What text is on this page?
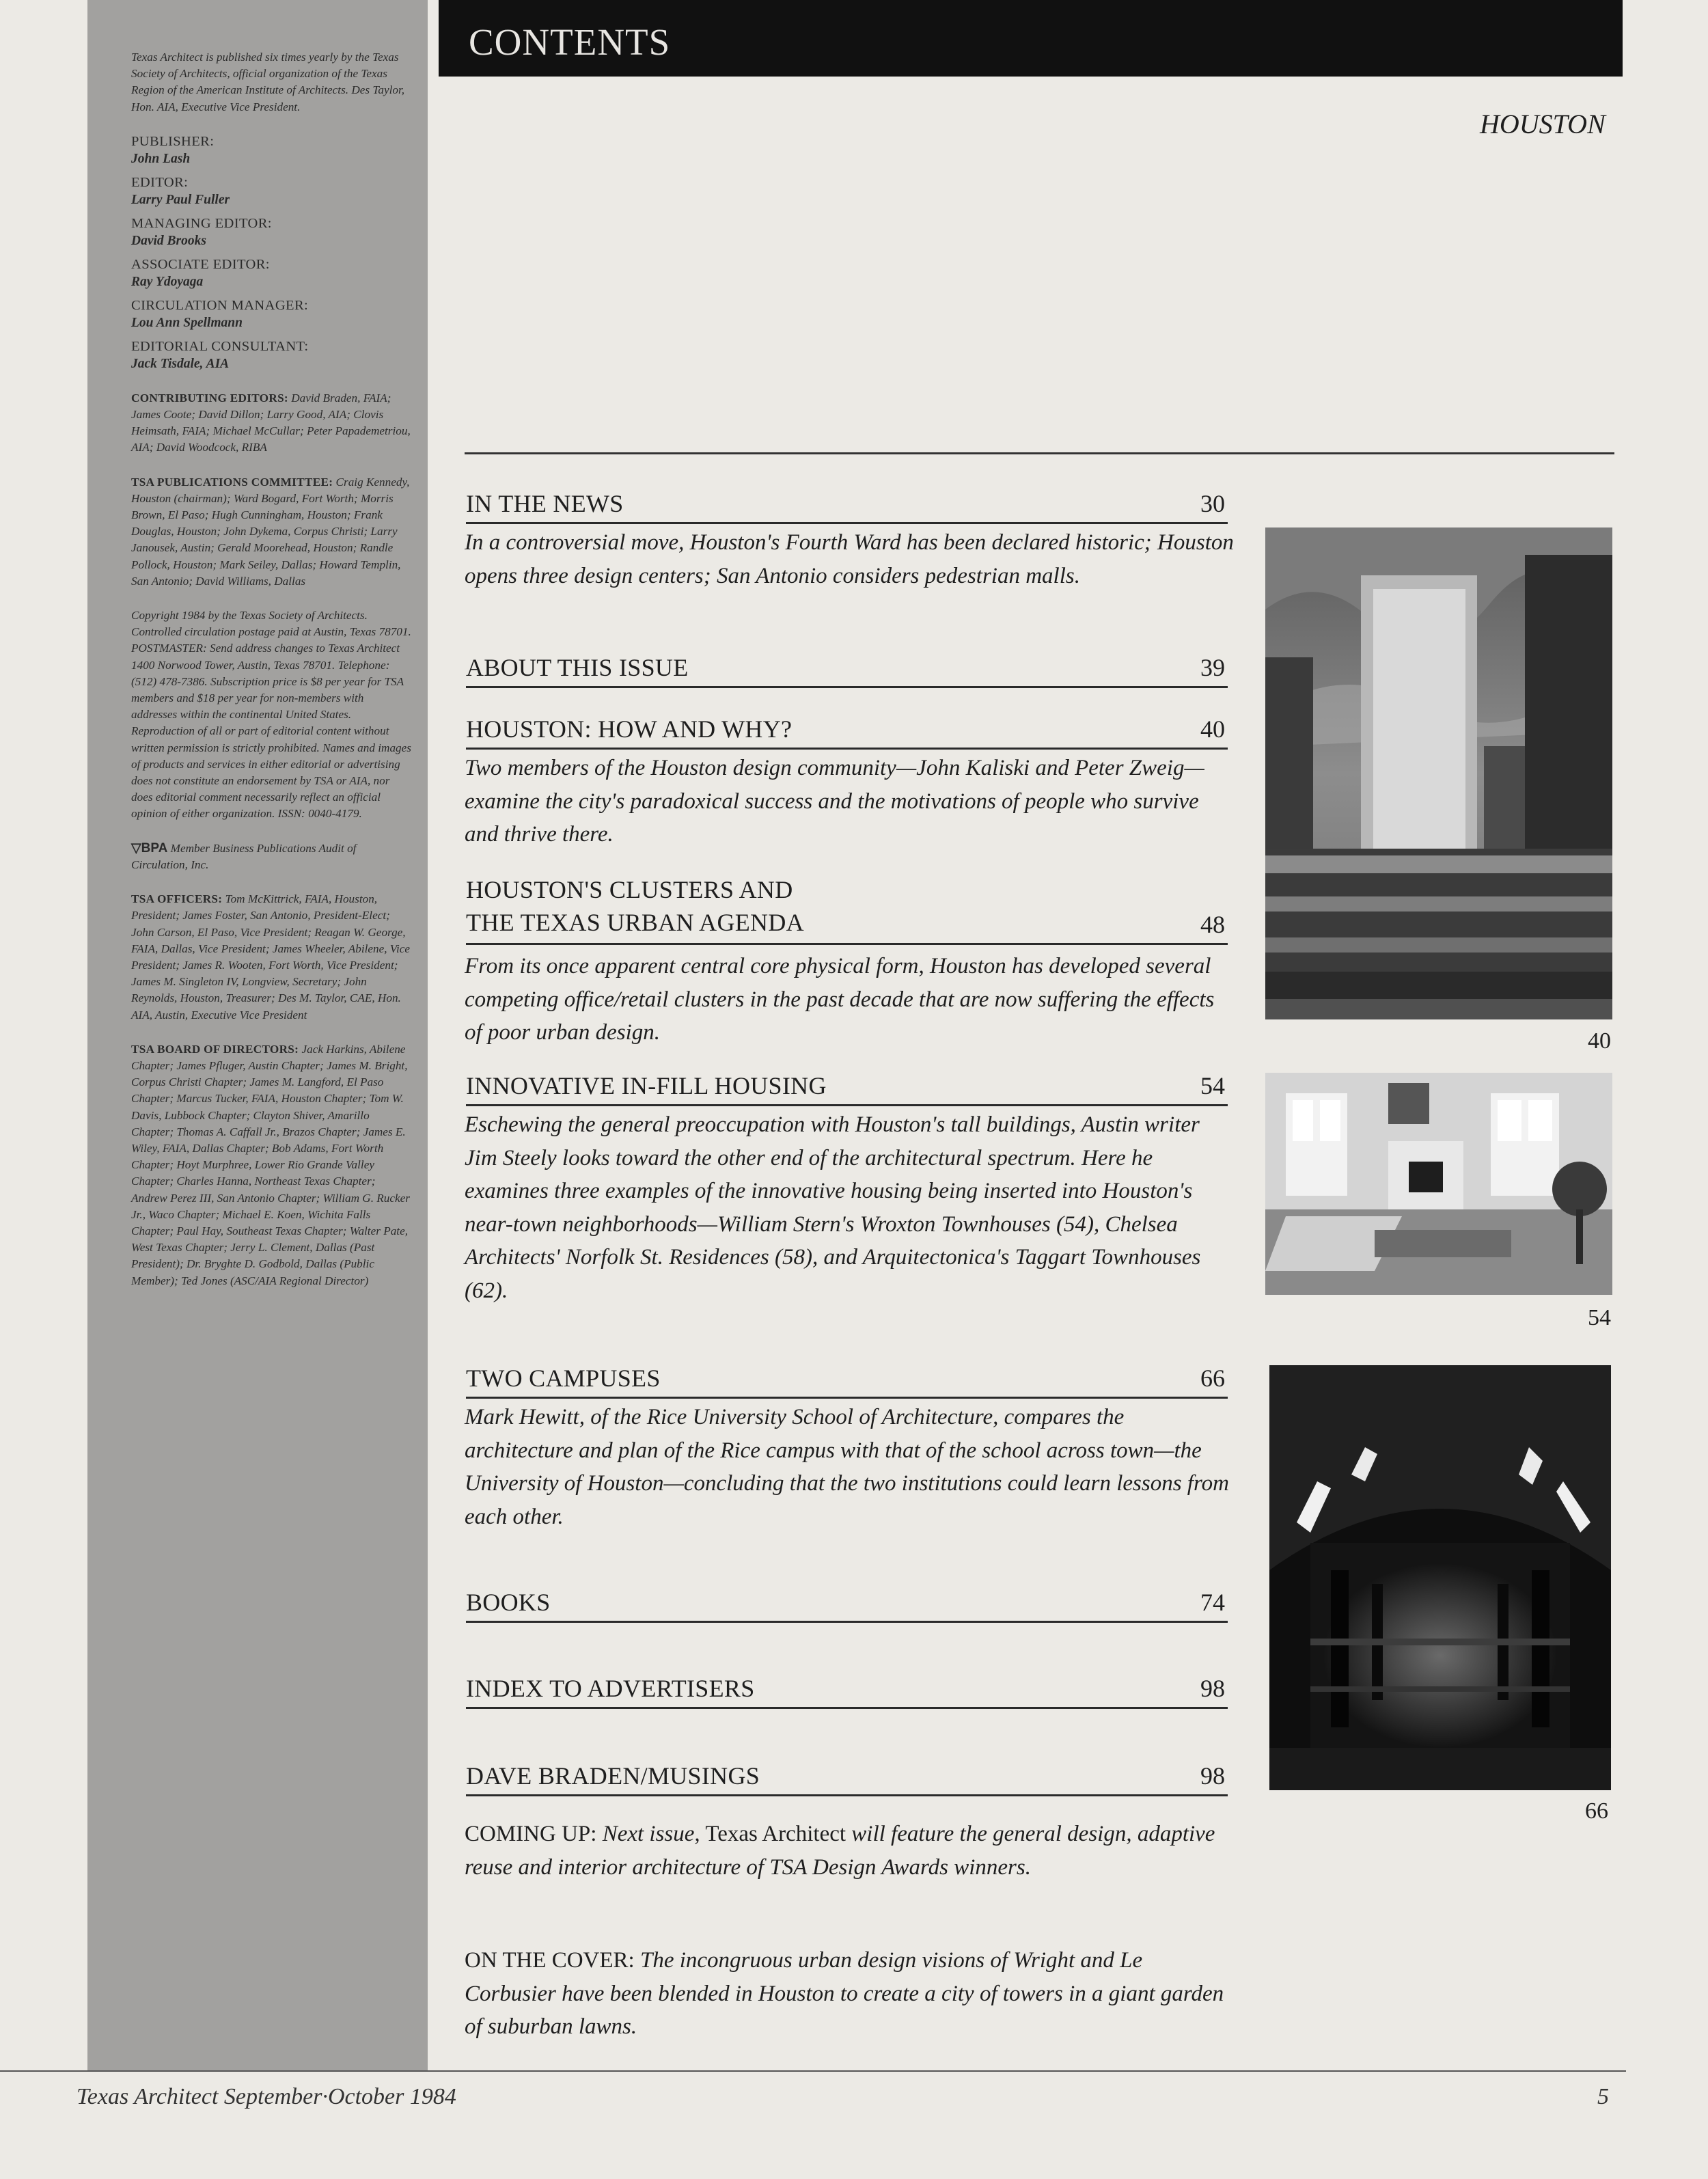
Texas Architect is published six times yearly by the Texas Society of Architects, official organization of the Texas Region of the American Institute of Architects. Des Taylor, Hon. AIA, Executive Vice President.

PUBLISHER:
John Lash
EDITOR:
Larry Paul Fuller
MANAGING EDITOR:
David Brooks
ASSOCIATE EDITOR:
Ray Ydoyaga
CIRCULATION MANAGER:
Lou Ann Spellmann
EDITORIAL CONSULTANT:
Jack Tisdale, AIA

CONTRIBUTING EDITORS: David Braden, FAIA; James Coote; David Dillon; Larry Good, AIA; Clovis Heimsath, FAIA; Michael McCullar; Peter Papademetriou, AIA; David Woodcock, RIBA

TSA PUBLICATIONS COMMITTEE: Craig Kennedy, Houston (chairman); Ward Bogard, Fort Worth; Morris Brown, El Paso; Hugh Cunningham, Houston; Frank Douglas, Houston; John Dykema, Corpus Christi; Larry Janousek, Austin; Gerald Moorehead, Houston; Randle Pollock, Houston; Mark Seiley, Dallas; Howard Templin, San Antonio; David Williams, Dallas

Copyright 1984 by the Texas Society of Architects. Controlled circulation postage paid at Austin, Texas 78701. POSTMASTER: Send address changes to Texas Architect 1400 Norwood Tower, Austin, Texas 78701. Telephone: (512) 478-7386. Subscription price is $8 per year for TSA members and $18 per year for non-members with addresses within the continental United States. Reproduction of all or part of editorial content without written permission is strictly prohibited. Names and images of products and services in either editorial or advertising does not constitute an endorsement by TSA or AIA, nor does editorial comment necessarily reflect an official opinion of either organization. ISSN: 0040-4179.

▽BPA Member Business Publications Audit of Circulation, Inc.

TSA OFFICERS: Tom McKittrick, FAIA, Houston, President; James Foster, San Antonio, President-Elect; John Carson, El Paso, Vice President; Reagan W. George, FAIA, Dallas, Vice President; James Wheeler, Abilene, Vice President; James R. Wooten, Fort Worth, Vice President; James M. Singleton IV, Longview, Secretary; John Reynolds, Houston, Treasurer; Des M. Taylor, CAE, Hon. AIA, Austin, Executive Vice President

TSA BOARD OF DIRECTORS: Jack Harkins, Abilene Chapter; James Pfluger, Austin Chapter; James M. Bright, Corpus Christi Chapter; James M. Langford, El Paso Chapter; Marcus Tucker, FAIA, Houston Chapter; Tom W. Davis, Lubbock Chapter; Clayton Shiver, Amarillo Chapter; Thomas A. Caffall Jr., Brazos Chapter; James E. Wiley, FAIA, Dallas Chapter; Bob Adams, Fort Worth Chapter; Hoyt Murphree, Lower Rio Grande Valley Chapter; Charles Hanna, Northeast Texas Chapter; Andrew Perez III, San Antonio Chapter; William G. Rucker Jr., Waco Chapter; Michael E. Koen, Wichita Falls Chapter; Paul Hay, Southeast Texas Chapter; Walter Pate, West Texas Chapter; Jerry L. Clement, Dallas (Past President); Dr. Bryghte D. Godbold, Dallas (Public Member); Ted Jones (ASC/AIA Regional Director)

CONTENTS
HOUSTON
IN THE NEWS	30
In a controversial move, Houston's Fourth Ward has been declared historic; Houston opens three design centers; San Antonio considers pedestrian malls.
ABOUT THIS ISSUE	39
HOUSTON: HOW AND WHY?	40
Two members of the Houston design community—John Kaliski and Peter Zweig—examine the city's paradoxical success and the motivations of people who survive and thrive there.
HOUSTON'S CLUSTERS AND
THE TEXAS URBAN AGENDA	48
From its once apparent central core physical form, Houston has developed several competing office/retail clusters in the past decade that are now suffering the effects of poor urban design.
INNOVATIVE IN-FILL HOUSING	54
Eschewing the general preoccupation with Houston's tall buildings, Austin writer Jim Steely looks toward the other end of the architectural spectrum. Here he examines three examples of the innovative housing being inserted into Houston's near-town neighborhoods—William Stern's Wroxton Townhouses (54), Chelsea Architects' Norfolk St. Residences (58), and Arquitectonica's Taggart Townhouses (62).
TWO CAMPUSES	66
Mark Hewitt, of the Rice University School of Architecture, compares the architecture and plan of the Rice campus with that of the school across town—the University of Houston—concluding that the two institutions could learn lessons from each other.
BOOKS	74
INDEX TO ADVERTISERS	98
DAVE BRADEN/MUSINGS	98
COMING UP: Next issue, Texas Architect will feature the general design, adaptive reuse and interior architecture of TSA Design Awards winners.
ON THE COVER: The incongruous urban design visions of Wright and Le Corbusier have been blended in Houston to create a city of towers in a giant garden of suburban lawns.
40
54
66
Texas Architect September·October 1984	5
